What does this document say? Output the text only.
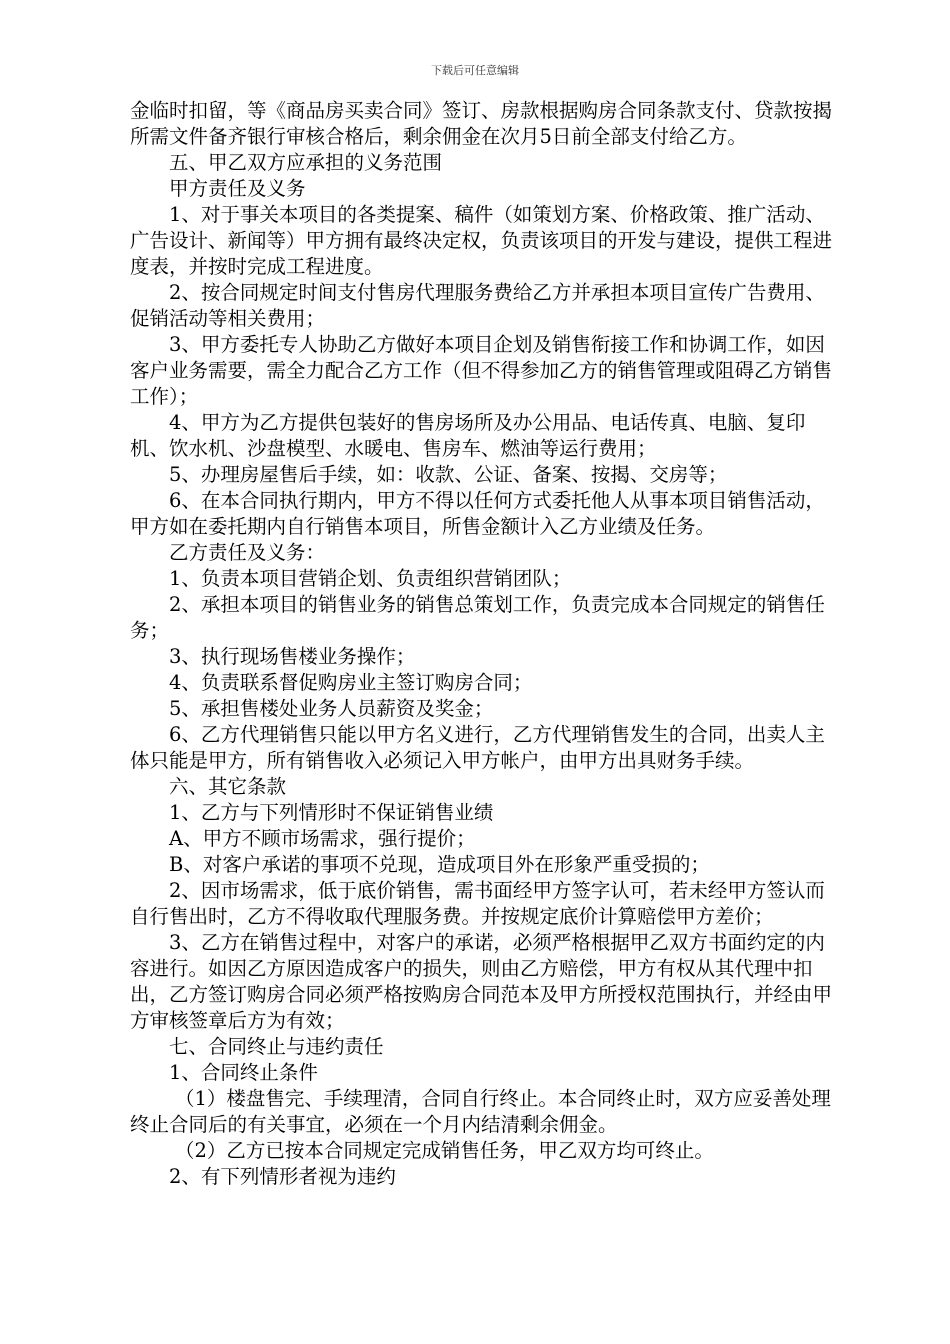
下载后可任意编辑

金临时扣留，等《商品房买卖合同》签订、房款根据购房合同条款支付、贷款按揭所需文件备齐银行审核合格后，剩余佣金在次月5日前全部支付给乙方。

五、甲乙双方应承担的义务范围

甲方责任及义务

1、对于事关本项目的各类提案、稿件（如策划方案、价格政策、推广活动、广告设计、新闻等）甲方拥有最终决定权，负责该项目的开发与建设，提供工程进度表，并按时完成工程进度。

2、按合同规定时间支付售房代理服务费给乙方并承担本项目宣传广告费用、促销活动等相关费用；

3、甲方委托专人协助乙方做好本项目企划及销售衔接工作和协调工作，如因客户业务需要，需全力配合乙方工作（但不得参加乙方的销售管理或阻碍乙方销售工作）；

4、甲方为乙方提供包装好的售房场所及办公用品、电话传真、电脑、复印机、饮水机、沙盘模型、水暖电、售房车、燃油等运行费用；

5、办理房屋售后手续，如：收款、公证、备案、按揭、交房等；

6、在本合同执行期内，甲方不得以任何方式委托他人从事本项目销售活动，甲方如在委托期内自行销售本项目，所售金额计入乙方业绩及任务。

乙方责任及义务：

1、负责本项目营销企划、负责组织营销团队；

2、承担本项目的销售业务的销售总策划工作，负责完成本合同规定的销售任务；

3、执行现场售楼业务操作；

4、负责联系督促购房业主签订购房合同；

5、承担售楼处业务人员薪资及奖金；

6、乙方代理销售只能以甲方名义进行，乙方代理销售发生的合同，出卖人主体只能是甲方，所有销售收入必须记入甲方帐户，由甲方出具财务手续。

六、其它条款

1、乙方与下列情形时不保证销售业绩

A、甲方不顾市场需求，强行提价；

B、对客户承诺的事项不兑现，造成项目外在形象严重受损的；

2、因市场需求，低于底价销售，需书面经甲方签字认可，若未经甲方签认而自行售出时，乙方不得收取代理服务费。并按规定底价计算赔偿甲方差价；

3、乙方在销售过程中，对客户的承诺，必须严格根据甲乙双方书面约定的内容进行。如因乙方原因造成客户的损失，则由乙方赔偿，甲方有权从其代理中扣出，乙方签订购房合同必须严格按购房合同范本及甲方所授权范围执行，并经由甲方审核签章后方为有效；

七、合同终止与违约责任

1、合同终止条件

（1）楼盘售完、手续理清，合同自行终止。本合同终止时，双方应妥善处理终止合同后的有关事宜，必须在一个月内结清剩余佣金。

（2）乙方已按本合同规定完成销售任务，甲乙双方均可终止。

2、有下列情形者视为违约
